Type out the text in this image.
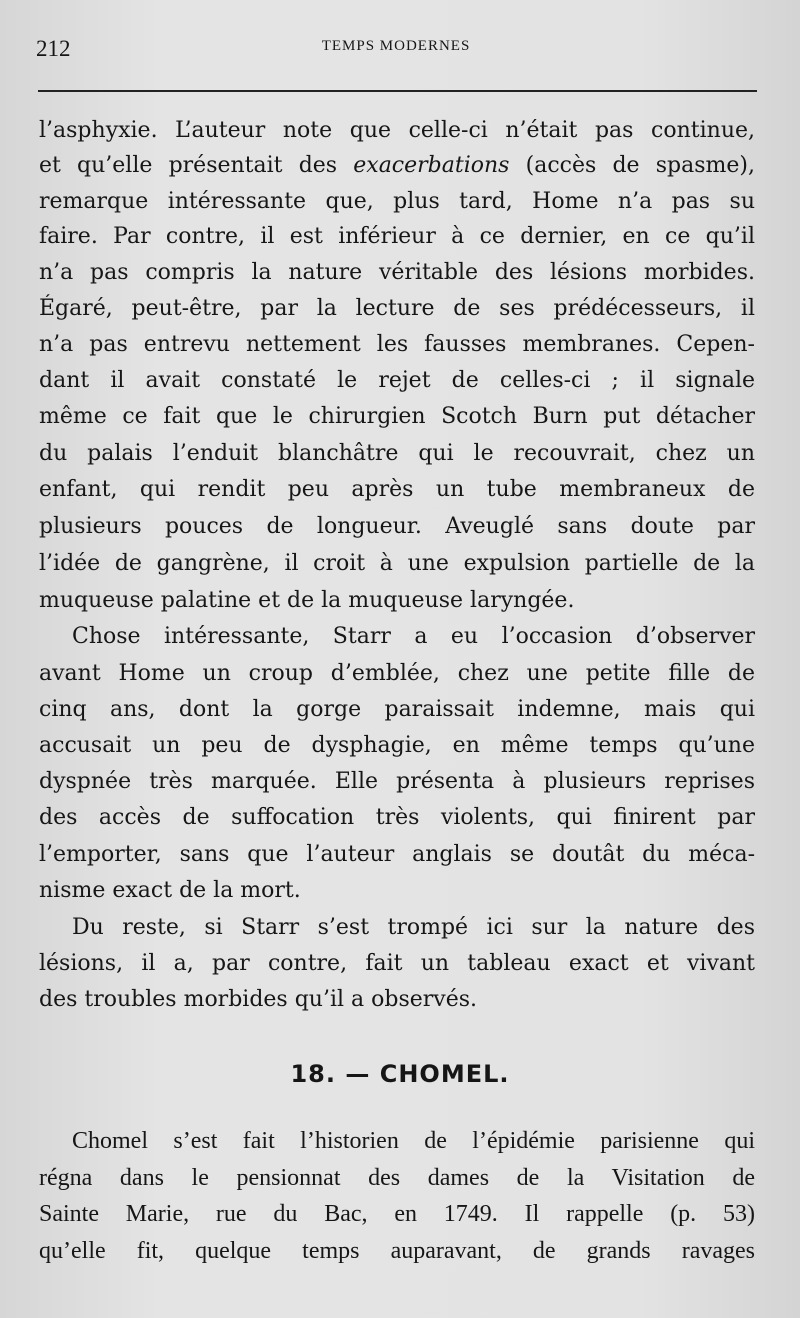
212	TEMPS MODERNES
l’asphyxie. L’auteur note que celle-ci n’était pas continue,
et qu’elle présentait des exacerbations (accès de spasme),
remarque intéressante que, plus tard, Home n’a pas su
faire. Par contre, il est inférieur à ce dernier, en ce qu’il
n’a pas compris la nature véritable des lésions morbides.
Égaré, peut-être, par la lecture de ses prédécesseurs, il
n’a pas entrevu nettement les fausses membranes. Cepen-
dant il avait constaté le rejet de celles-ci ; il signale
même ce fait que le chirurgien Scotch Burn put détacher
du palais l’enduit blanchâtre qui le recouvrait, chez un
enfant, qui rendit peu après un tube membraneux de
plusieurs pouces de longueur. Aveuglé sans doute par
l’idée de gangrène, il croit à une expulsion partielle de la
muqueuse palatine et de la muqueuse laryngée.
Chose intéressante, Starr a eu l’occasion d’observer
avant Home un croup d’emblée, chez une petite fille de
cinq ans, dont la gorge paraissait indemne, mais qui
accusait un peu de dysphagie, en même temps qu’une
dyspnée très marquée. Elle présenta à plusieurs reprises
des accès de suffocation très violents, qui finirent par
l’emporter, sans que l’auteur anglais se doutât du méca-
nisme exact de la mort.
Du reste, si Starr s’est trompé ici sur la nature des
lésions, il a, par contre, fait un tableau exact et vivant
des troubles morbides qu’il a observés.
18. — CHOMEL.
Chomel s’est fait l’historien de l’épidémie parisienne qui
régna dans le pensionnat des dames de la Visitation de
Sainte Marie, rue du Bac, en 1749. Il rappelle (p. 53)
qu’elle fit, quelque temps auparavant, de grands ravages
